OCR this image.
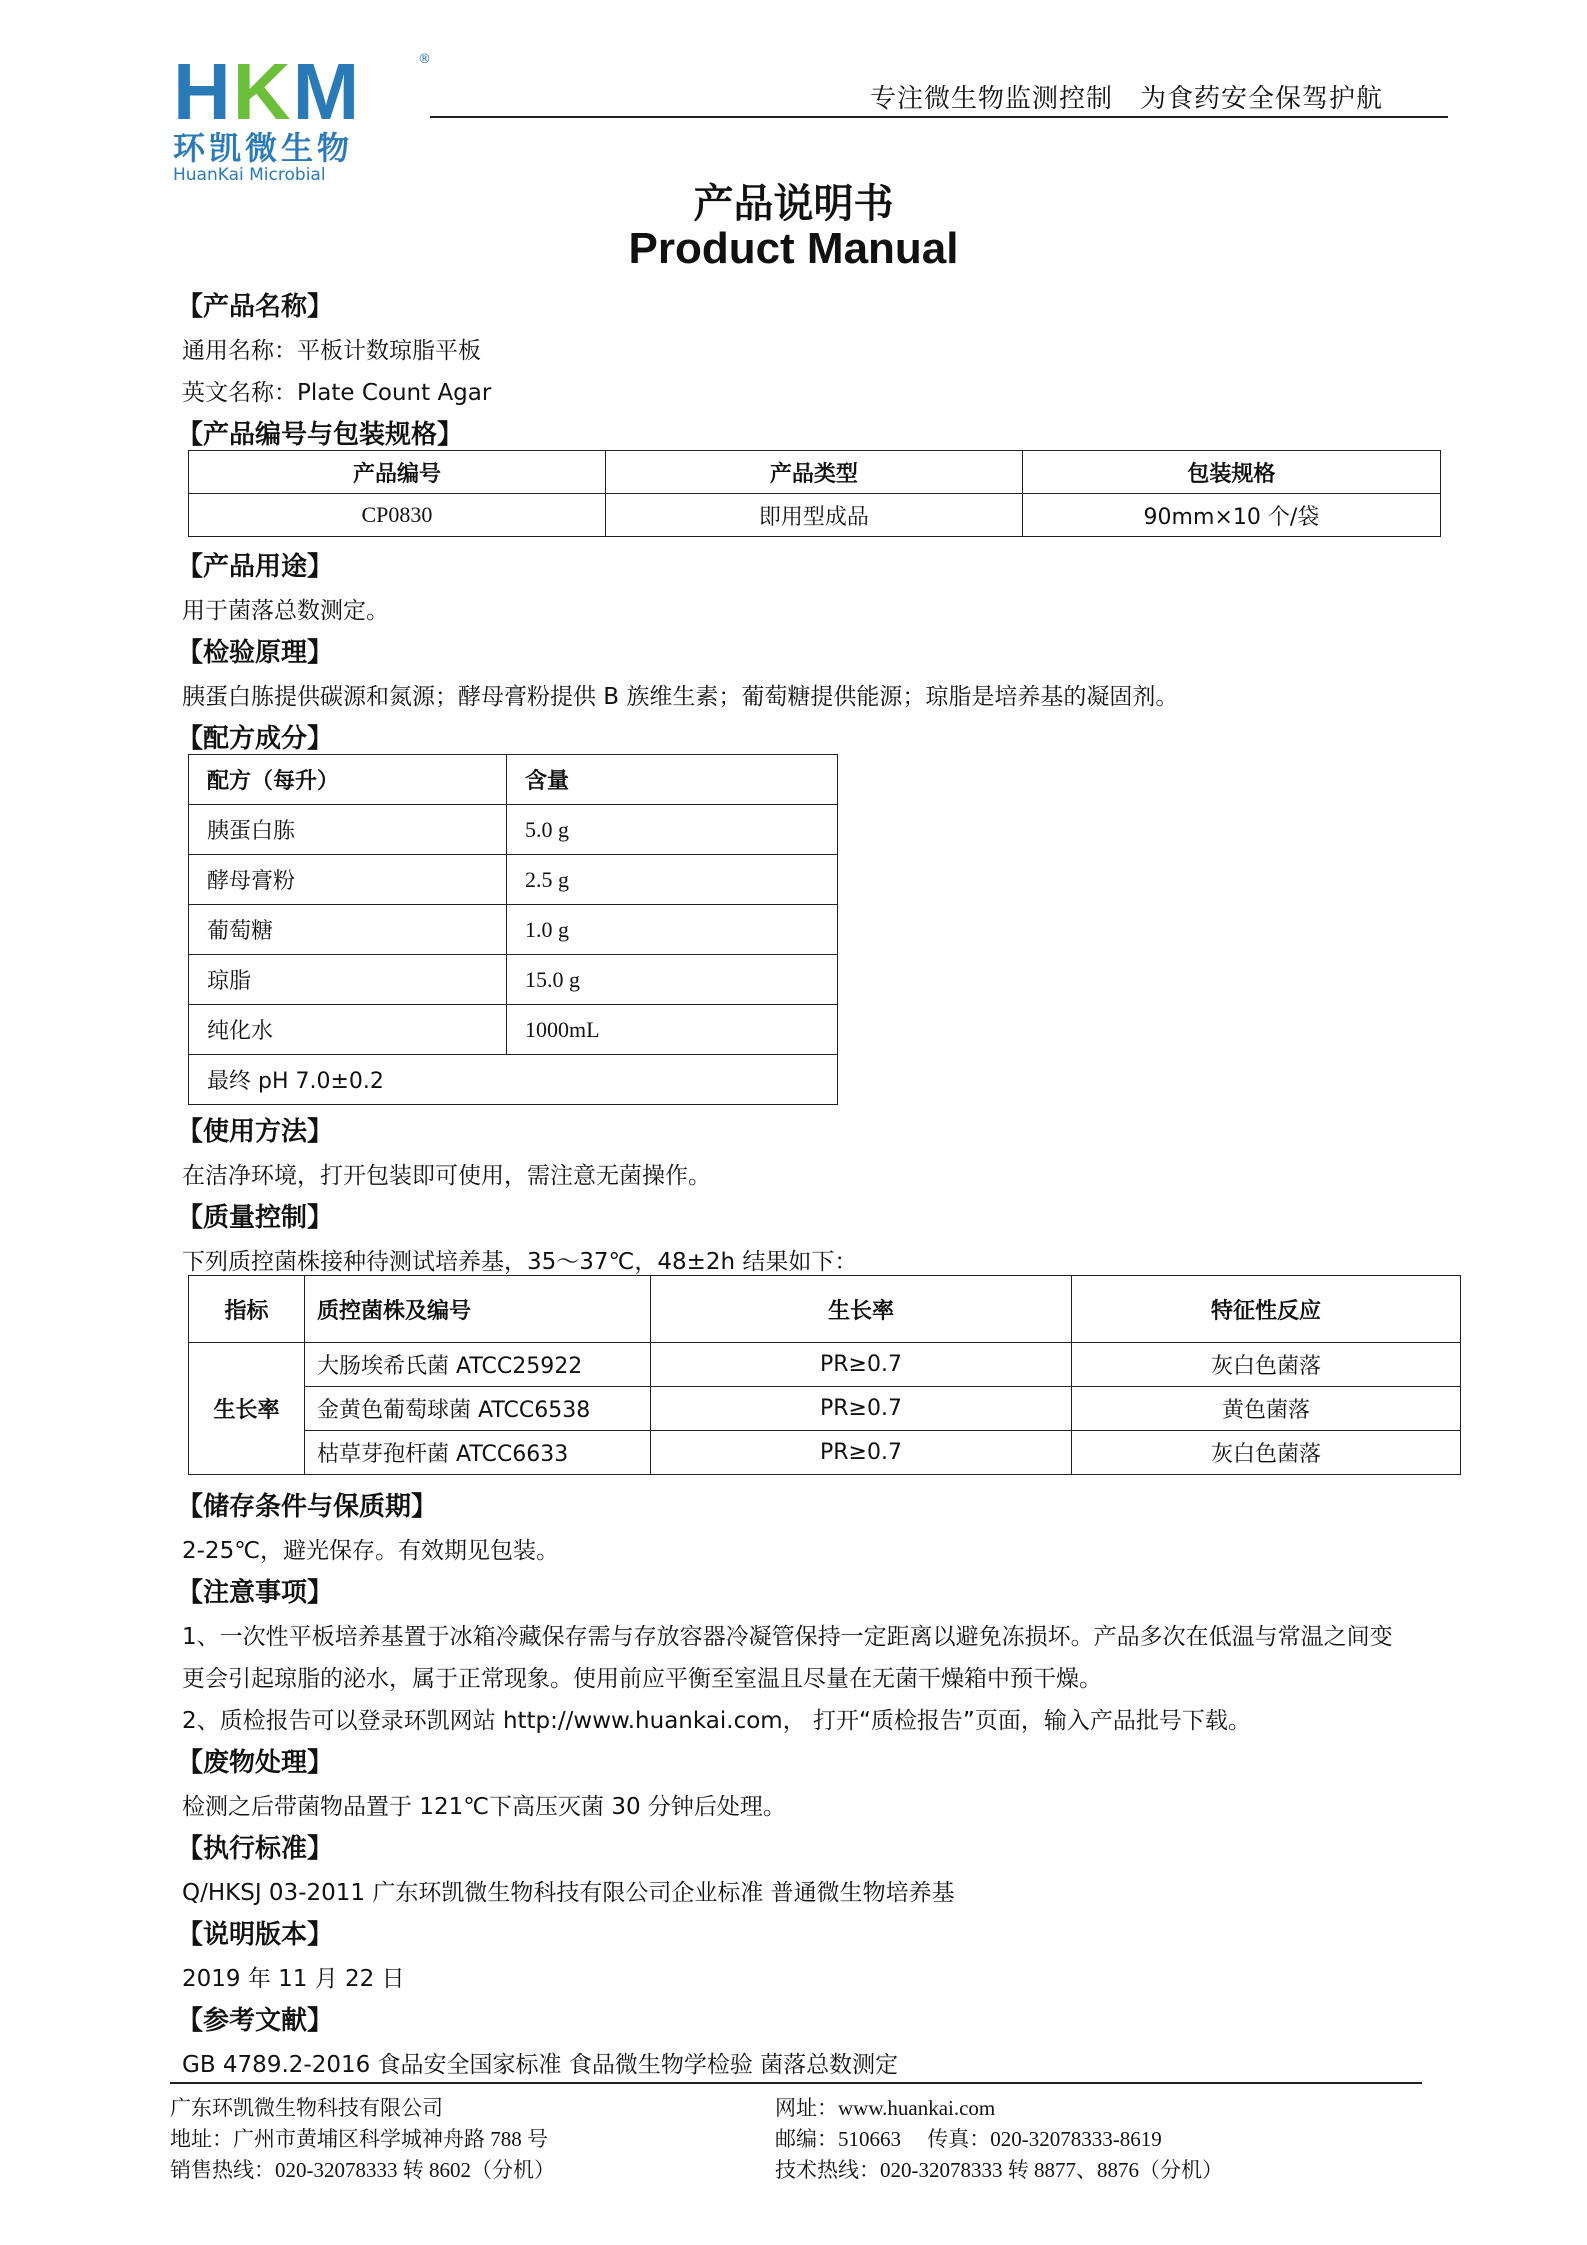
HKM	®
环凯微生物
HuanKai Microbial
专注微生物监测控制　为食药安全保驾护航
产品说明书
Product Manual
【产品名称】
通用名称：平板计数琼脂平板
英文名称：Plate Count Agar
【产品编号与包装规格】
产品编号	产品类型	包装规格
CP0830	即用型成品	90mm×10 个/袋
【产品用途】
用于菌落总数测定。
【检验原理】
胰蛋白胨提供碳源和氮源；酵母膏粉提供 B 族维生素；葡萄糖提供能源；琼脂是培养基的凝固剂。
【配方成分】
配方（每升）	含量
胰蛋白胨	5.0 g
酵母膏粉	2.5 g
葡萄糖	1.0 g
琼脂	15.0 g
纯化水	1000mL
最终 pH 7.0±0.2	
【使用方法】
在洁净环境，打开包装即可使用，需注意无菌操作。
【质量控制】
下列质控菌株接种待测试培养基，35～37℃，48±2h 结果如下：
指标	质控菌株及编号	生长率	特征性反应
生长率	大肠埃希氏菌 ATCC25922	PR≥0.7	灰白色菌落
	金黄色葡萄球菌 ATCC6538	PR≥0.7	黄色菌落
	枯草芽孢杆菌 ATCC6633	PR≥0.7	灰白色菌落
【储存条件与保质期】
2-25℃，避光保存。有效期见包装。
【注意事项】
1、一次性平板培养基置于冰箱冷藏保存需与存放容器冷凝管保持一定距离以避免冻损坏。产品多次在低温与常温之间变
更会引起琼脂的泌水，属于正常现象。使用前应平衡至室温且尽量在无菌干燥箱中预干燥。
2、质检报告可以登录环凯网站 http://www.huankai.com， 打开“质检报告”页面，输入产品批号下载。
【废物处理】
检测之后带菌物品置于 121℃下高压灭菌 30 分钟后处理。
【执行标准】
Q/HKSJ 03-2011 广东环凯微生物科技有限公司企业标准 普通微生物培养基
【说明版本】
2019 年 11 月 22 日
【参考文献】
GB 4789.2-2016 食品安全国家标准 食品微生物学检验 菌落总数测定
广东环凯微生物科技有限公司
地址：广州市黄埔区科学城神舟路 788 号
销售热线：020-32078333 转 8602（分机）
网址：www.huankai.com
邮编：510663　 传真：020-32078333-8619
技术热线：020-32078333 转 8877、8876（分机）
